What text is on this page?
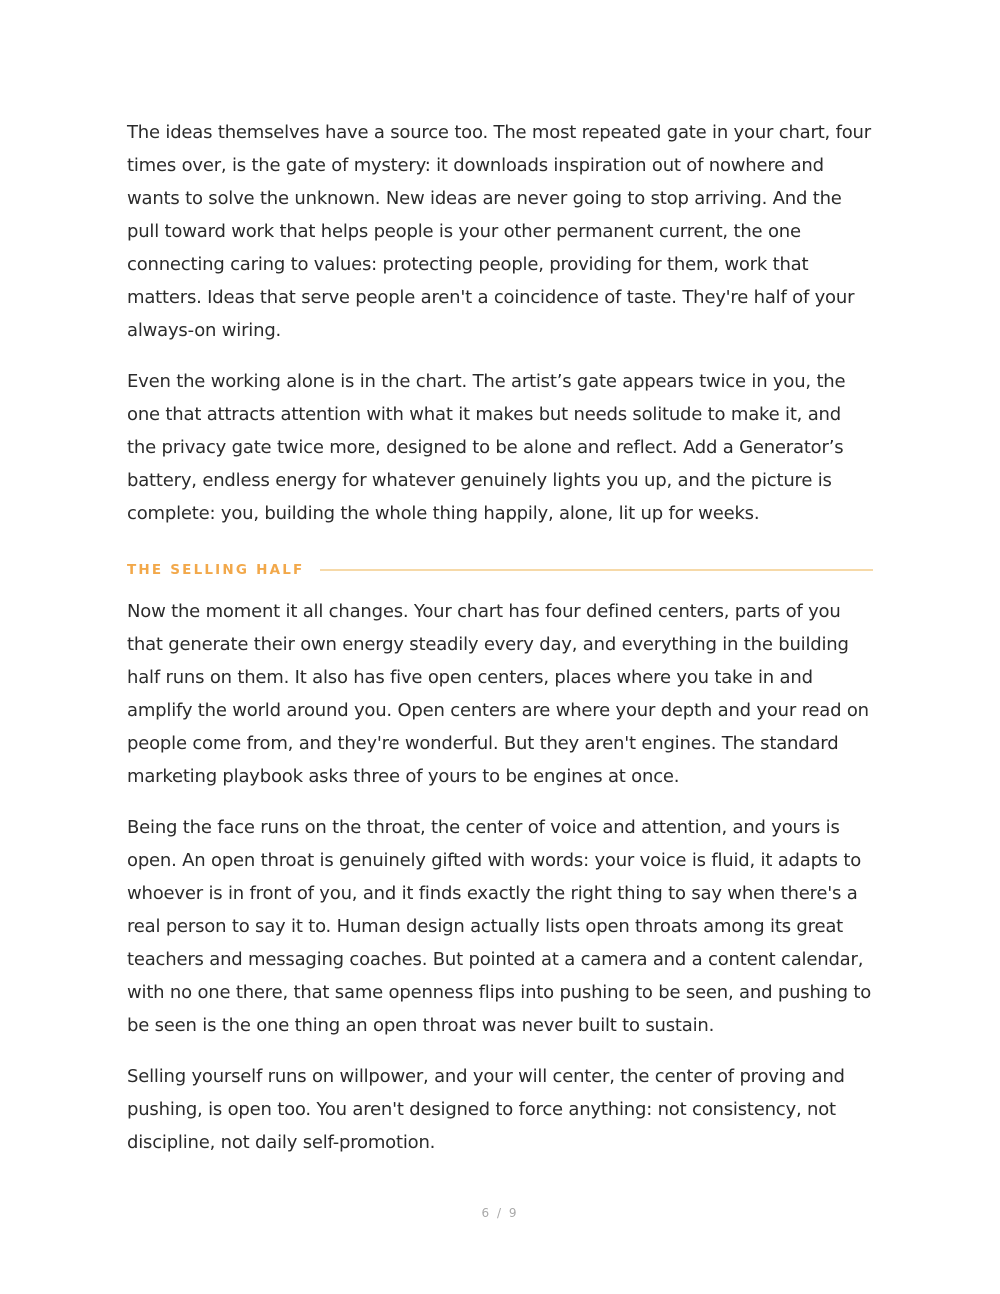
The ideas themselves have a source too. The most repeated gate in your chart, four times over, is the gate of mystery: it downloads inspiration out of nowhere and wants to solve the unknown. New ideas are never going to stop arriving. And the pull toward work that helps people is your other permanent current, the one connecting caring to values: protecting people, providing for them, work that matters. Ideas that serve people aren't a coincidence of taste. They're half of your always-on wiring.

Even the working alone is in the chart. The artist’s gate appears twice in you, the one that attracts attention with what it makes but needs solitude to make it, and the privacy gate twice more, designed to be alone and reflect. Add a Generator’s battery, endless energy for whatever genuinely lights you up, and the picture is complete: you, building the whole thing happily, alone, lit up for weeks.

THE SELLING HALF

Now the moment it all changes. Your chart has four defined centers, parts of you that generate their own energy steadily every day, and everything in the building half runs on them. It also has five open centers, places where you take in and amplify the world around you. Open centers are where your depth and your read on people come from, and they're wonderful. But they aren't engines. The standard marketing playbook asks three of yours to be engines at once.

Being the face runs on the throat, the center of voice and attention, and yours is open. An open throat is genuinely gifted with words: your voice is fluid, it adapts to whoever is in front of you, and it finds exactly the right thing to say when there's a real person to say it to. Human design actually lists open throats among its great teachers and messaging coaches. But pointed at a camera and a content calendar, with no one there, that same openness flips into pushing to be seen, and pushing to be seen is the one thing an open throat was never built to sustain.

Selling yourself runs on willpower, and your will center, the center of proving and pushing, is open too. You aren't designed to force anything: not consistency, not discipline, not daily self-promotion.

6 / 9
